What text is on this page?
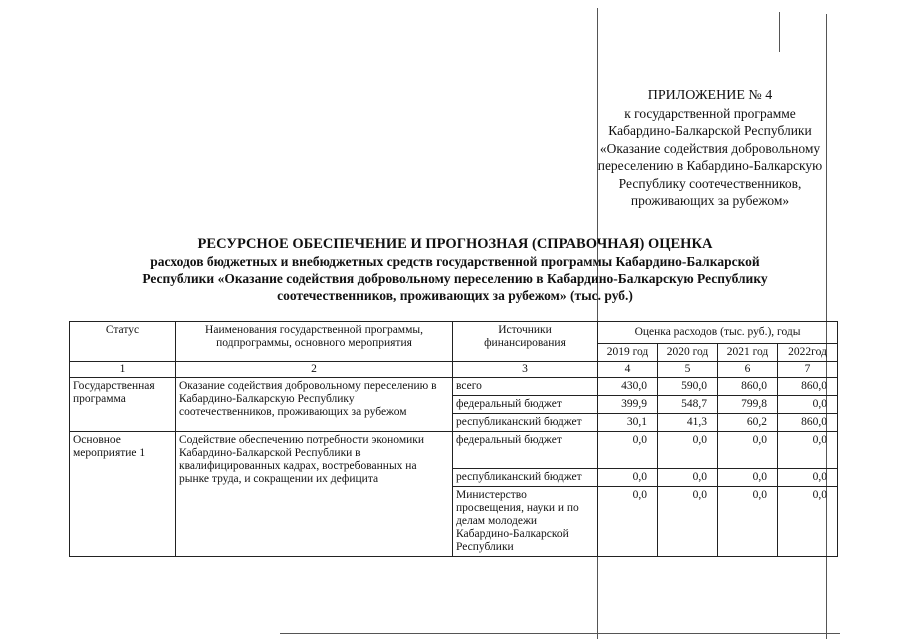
ПРИЛОЖЕНИЕ № 4
к государственной программе
Кабардино-Балкарской Республики
«Оказание содействия добровольному
переселению в Кабардино-Балкарскую
Республику соотечественников,
проживающих за рубежом»
РЕСУРСНОЕ ОБЕСПЕЧЕНИЕ И ПРОГНОЗНАЯ (СПРАВОЧНАЯ) ОЦЕНКА
расходов бюджетных и внебюджетных средств государственной программы Кабардино-Балкарской
Республики «Оказание содействия добровольному переселению в Кабардино-Балкарскую Республику
соотечественников, проживающих за рубежом» (тыс. руб.)
Статус	Наименования государственной программы, подпрограммы, основного мероприятия	Источники финансирования	Оценка расходов (тыс. руб.), годы			
			2019 год	2020 год	2021 год	2022год
1	2	3	4	5	6	7
Государственная программа	Оказание содействия добровольному переселению в Кабардино-Балкарскую Республику соотечественников, проживающих за рубежом	всего	430,0	590,0	860,0	860,0
		федеральный бюджет	399,9	548,7	799,8	0,0
		республиканский бюджет	30,1	41,3	60,2	860,0
Основное мероприятие 1	Содействие обеспечению потребности экономики Кабардино-Балкарской Республики в квалифицированных кадрах, востребованных на рынке труда, и сокращении их дефицита	федеральный бюджет	0,0	0,0	0,0	0,0
		республиканский бюджет	0,0	0,0	0,0	0,0
		Министерство просвещения, науки и по делам молодежи Кабардино-Балкарской Республики	0,0	0,0	0,0	0,0
